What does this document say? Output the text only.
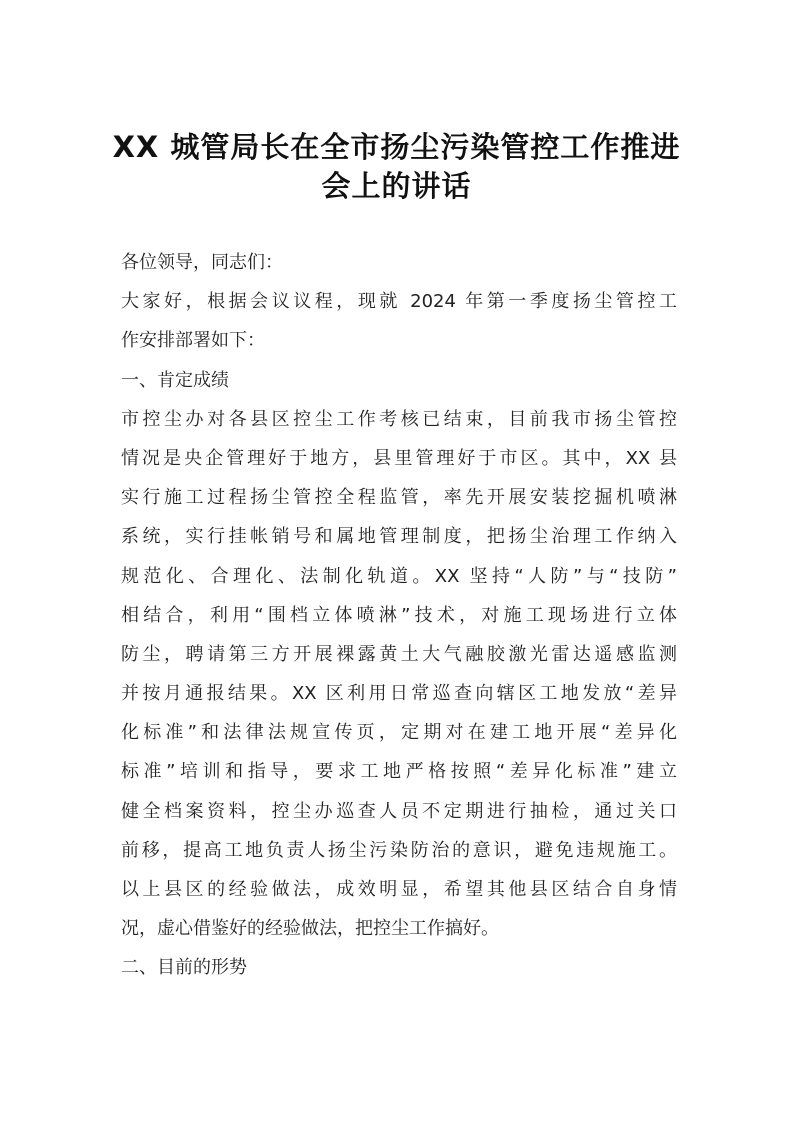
XX 城管局长在全市扬尘污染管控工作推进
会上的讲话
各位领导，同志们：
大家好，根据会议议程，现就 2024 年第一季度扬尘管控工
作安排部署如下：
一、肯定成绩
市控尘办对各县区控尘工作考核已结束，目前我市扬尘管控
情况是央企管理好于地方，县里管理好于市区。其中，XX 县
实行施工过程扬尘管控全程监管，率先开展安装挖掘机喷淋
系统，实行挂帐销号和属地管理制度，把扬尘治理工作纳入
规范化、合理化、法制化轨道。XX 坚持“人防”与“技防”
相结合，利用“围档立体喷淋”技术，对施工现场进行立体
防尘，聘请第三方开展裸露黄土大气融胶激光雷达遥感监测
并按月通报结果。XX 区利用日常巡查向辖区工地发放“差异
化标准”和法律法规宣传页，定期对在建工地开展“差异化
标准”培训和指导，要求工地严格按照“差异化标准”建立
健全档案资料，控尘办巡查人员不定期进行抽检，通过关口
前移，提高工地负责人扬尘污染防治的意识，避免违规施工。
以上县区的经验做法，成效明显，希望其他县区结合自身情
况，虚心借鉴好的经验做法，把控尘工作搞好。
二、目前的形势
